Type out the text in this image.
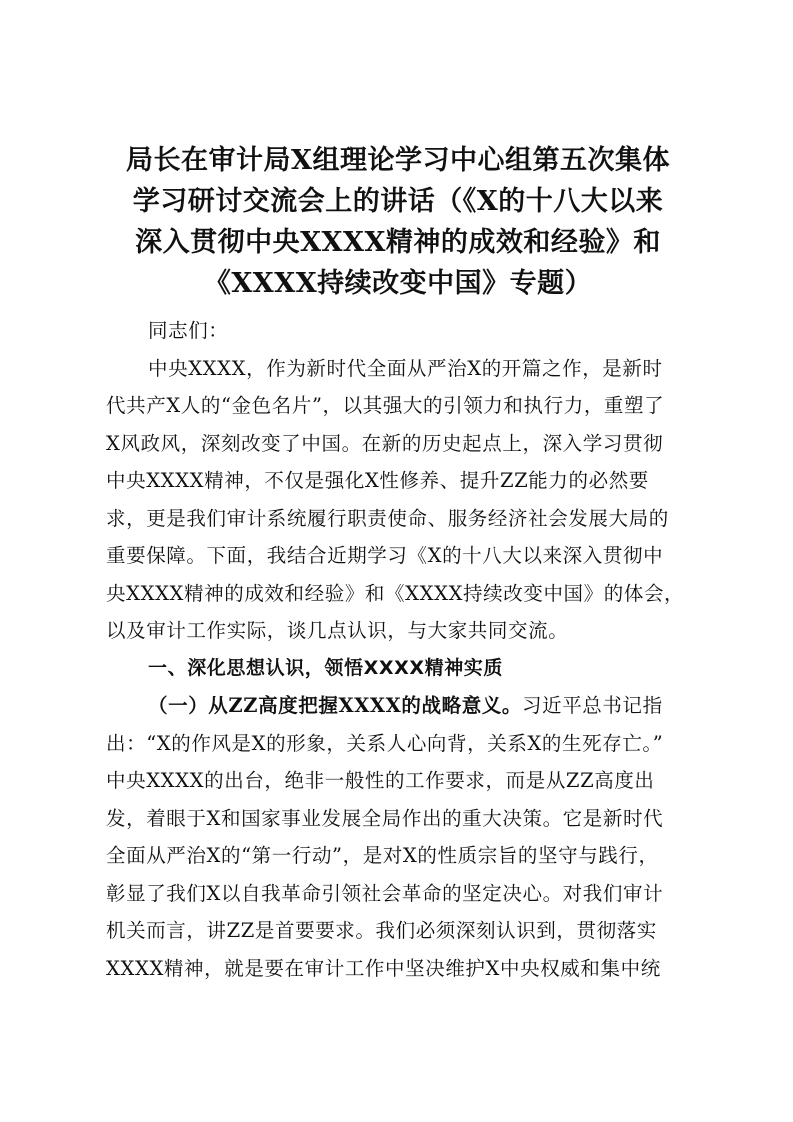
局长在审计局X组理论学习中心组第五次集体
学习研讨交流会上的讲话（《X的十八大以来
深入贯彻中央XXXX精神的成效和经验》和
《XXXX持续改变中国》专题）
同志们：
中央XXXX，作为新时代全面从严治X的开篇之作，是新时
代共产X人的“金色名片”，以其强大的引领力和执行力，重塑了
X风政风，深刻改变了中国。在新的历史起点上，深入学习贯彻
中央XXXX精神，不仅是强化X性修养、提升ZZ能力的必然要
求，更是我们审计系统履行职责使命、服务经济社会发展大局的
重要保障。下面，我结合近期学习《X的十八大以来深入贯彻中
央XXXX精神的成效和经验》和《XXXX持续改变中国》的体会，
以及审计工作实际，谈几点认识，与大家共同交流。
一、深化思想认识，领悟XXXX精神实质
（一）从ZZ高度把握XXXX的战略意义。习近平总书记指
出：“X的作风是X的形象，关系人心向背，关系X的生死存亡。”
中央XXXX的出台，绝非一般性的工作要求，而是从ZZ高度出
发，着眼于X和国家事业发展全局作出的重大决策。它是新时代
全面从严治X的“第一行动”，是对X的性质宗旨的坚守与践行，
彰显了我们X以自我革命引领社会革命的坚定决心。对我们审计
机关而言，讲ZZ是首要要求。我们必须深刻认识到，贯彻落实
XXXX精神，就是要在审计工作中坚决维护X中央权威和集中统
